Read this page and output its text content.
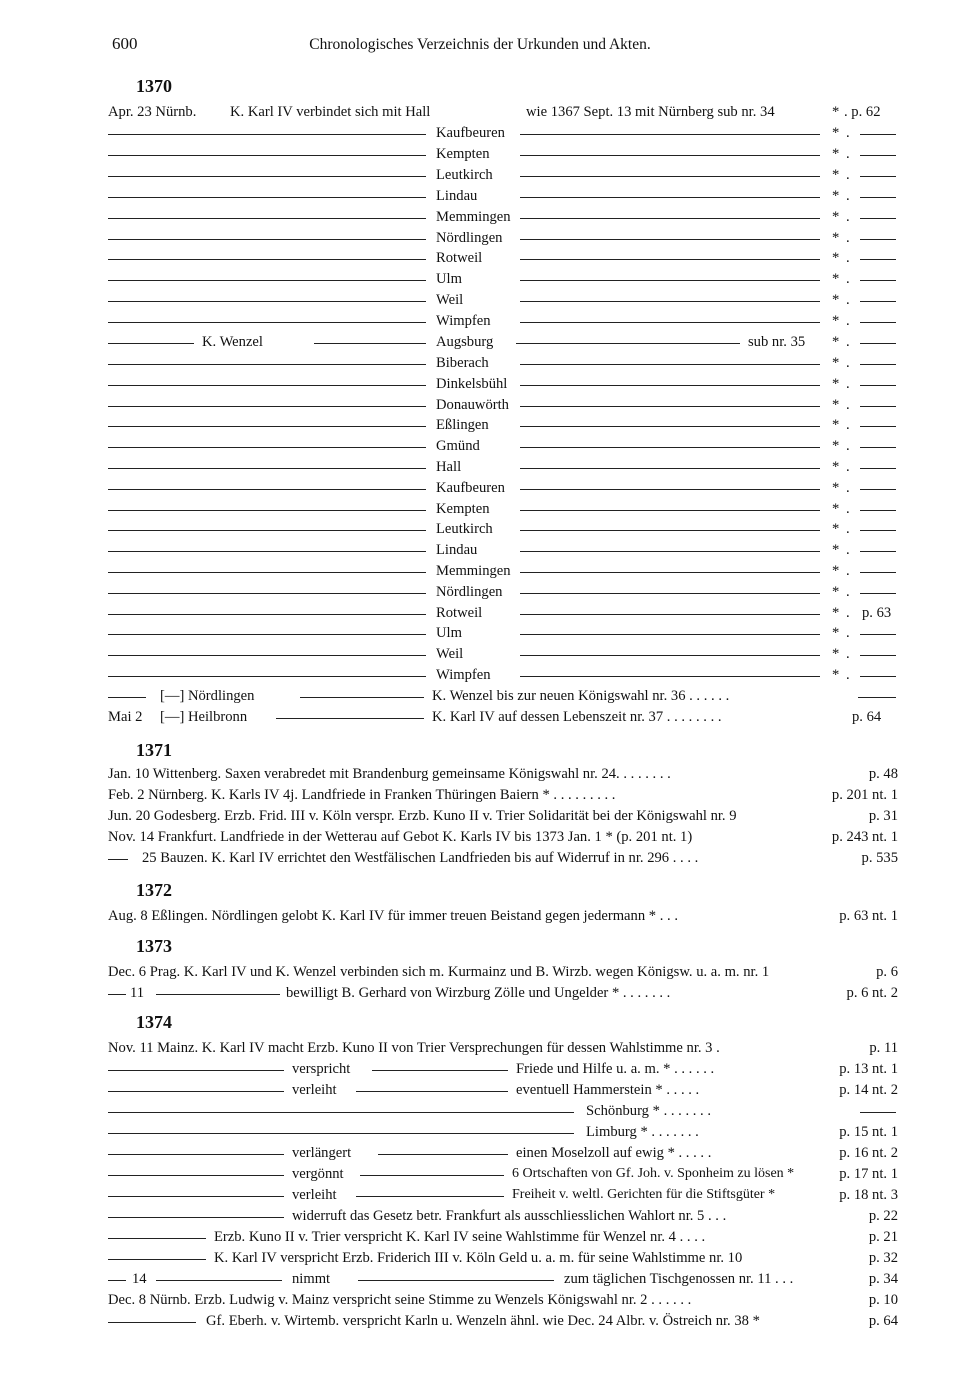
600	Chronologisches Verzeichnis der Urkunden und Akten.
1370
Apr. 23 Nürnb. K. Karl IV verbindet sich mit Hall	wie 1367 Sept. 13 mit Nürnberg sub nr. 34	* . p. 62
Kaufbeuren	* .
Kempten	* .
Leutkirch	* .
Lindau	* .
Memmingen	* .
Nördlingen	* .
Rotweil	* .
Ulm	* .
Weil	* .
Wimpfen	* .
K. Wenzel	Augsburg	sub nr. 35 * .
Biberach	* .
Dinkelsbühl	* .
Donauwörth	* .
Eßlingen	* .
Gmünd	* .
Hall	* .
Kaufbeuren	* .
Kempten	* .
Leutkirch	* .
Lindau	* .
Memmingen	* .
Nördlingen	* .
Rotweil	* . p. 63
Ulm	* .
Weil	* .
Wimpfen	* .
[—] Nördlingen	K. Wenzel bis zur neuen Königswahl nr. 36 . . . . . .
Mai 2 [—] Heilbronn	K. Karl IV auf dessen Lebenszeit nr. 37 . . . . . . . .	p. 64
1371
Jan. 10 Wittenberg. Saxen verabredet mit Brandenburg gemeinsame Königswahl nr. 24. . . . . . . .	p. 48
Feb. 2 Nürnberg. K. Karls IV 4j. Landfriede in Franken Thüringen Baiern * . . . . . . . . .	p. 201 nt. 1
Jun. 20 Godesberg. Erzb. Frid. III v. Köln verspr. Erzb. Kuno II v. Trier Solidarität bei der Königswahl nr. 9	p. 31
Nov. 14 Frankfurt. Landfriede in der Wetterau auf Gebot K. Karls IV bis 1373 Jan. 1 * (p. 201 nt. 1)	p. 243 nt. 1
25 Bauzen. K. Karl IV errichtet den Westfälischen Landfrieden bis auf Widerruf in nr. 296 . . . .	p. 535
1372
Aug. 8 Eßlingen. Nördlingen gelobt K. Karl IV für immer treuen Beistand gegen jedermann * . . .	p. 63 nt. 1
1373
Dec. 6 Prag. K. Karl IV und K. Wenzel verbinden sich m. Kurmainz und B. Wirzb. wegen Königsw. u. a. m. nr. 1	p. 6
11	bewilligt B. Gerhard von Wirzburg Zölle und Ungelder * . . . . . . .	p. 6 nt. 2
1374
Nov. 11 Mainz. K. Karl IV macht Erzb. Kuno II von Trier Versprechungen für dessen Wahlstimme nr. 3 .	p. 11
verspricht	Friede und Hilfe u. a. m. * . . . . . .	p. 13 nt. 1
verleiht	eventuell Hammerstein * . . . . .	p. 14 nt. 2
Schönburg * . . . . . . .
Limburg * . . . . . . .	p. 15 nt. 1
verlängert	einen Moselzoll auf ewig * . . . . .	p. 16 nt. 2
vergönnt	6 Ortschaften von Gf. Joh. v. Sponheim zu lösen *	p. 17 nt. 1
verleiht	Freiheit v. weltl. Gerichten für die Stiftsgüter *	p. 18 nt. 3
widerruft das Gesetz betr. Frankfurt als ausschliesslichen Wahlort nr. 5 . . .	p. 22
Erzb. Kuno II v. Trier verspricht K. Karl IV seine Wahlstimme für Wenzel nr. 4 . . . .	p. 21
K. Karl IV verspricht Erzb. Friderich III v. Köln Geld u. a. m. für seine Wahlstimme nr. 10	p. 32
14	nimmt	zum täglichen Tischgenossen nr. 11 . . .	p. 34
Dec. 8 Nürnb. Erzb. Ludwig v. Mainz verspricht seine Stimme zu Wenzels Königswahl nr. 2 . . . . . .	p. 10
Gf. Eberh. v. Wirtemb. verspricht Karln u. Wenzeln ähnl. wie Dec. 24 Albr. v. Östreich nr. 38 *	p. 64
